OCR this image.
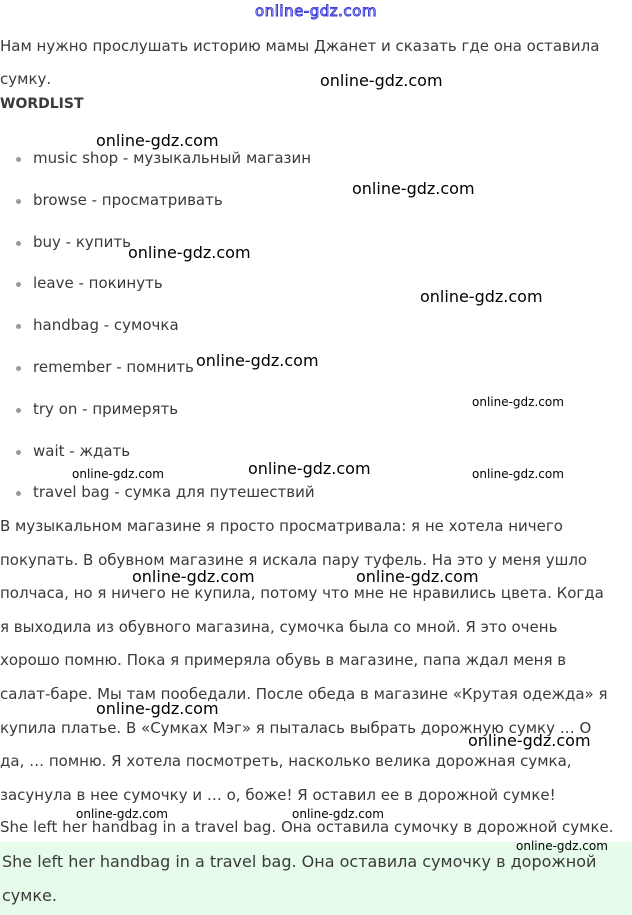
online-gdz.com

Нам нужно прослушать историю мамы Джанет и сказать где она оставила сумку.

WORDLIST
music shop - музыкальный магазин
browse - просматривать
buy - купить
leave - покинуть
handbag - сумочка
remember - помнить
try on - примерять
wait - ждать
travel bag - сумка для путешествий

В музыкальном магазине я просто просматривала: я не хотела ничего покупать. В обувном магазине я искала пару туфель. На это у меня ушло полчаса, но я ничего не купила, потому что мне не нравились цвета. Когда я выходила из обувного магазина, сумочка была со мной. Я это очень хорошо помню. Пока я примеряла обувь в магазине, папа ждал меня в салат-баре. Мы там пообедали. После обеда в магазине «Крутая одежда» я купила платье. В «Сумках Мэг» я пыталась выбрать дорожную сумку … О да, … помню. Я хотела посмотреть, насколько велика дорожная сумка, засунула в нее сумочку и … о, боже! Я оставил ее в дорожной сумке!

She left her handbag in a travel bag. Она оставила сумочку в дорожной сумке.

She left her handbag in a travel bag. Она оставила сумочку в дорожной сумке.

online-gdz.com
online-gdz.com
online-gdz.com
online-gdz.com
online-gdz.com
online-gdz.com
online-gdz.com
online-gdz.com	online-gdz.com	online-gdz.com
online-gdz.com	online-gdz.com
online-gdz.com
online-gdz.com
online-gdz.com	online-gdz.com
online-gdz.com
